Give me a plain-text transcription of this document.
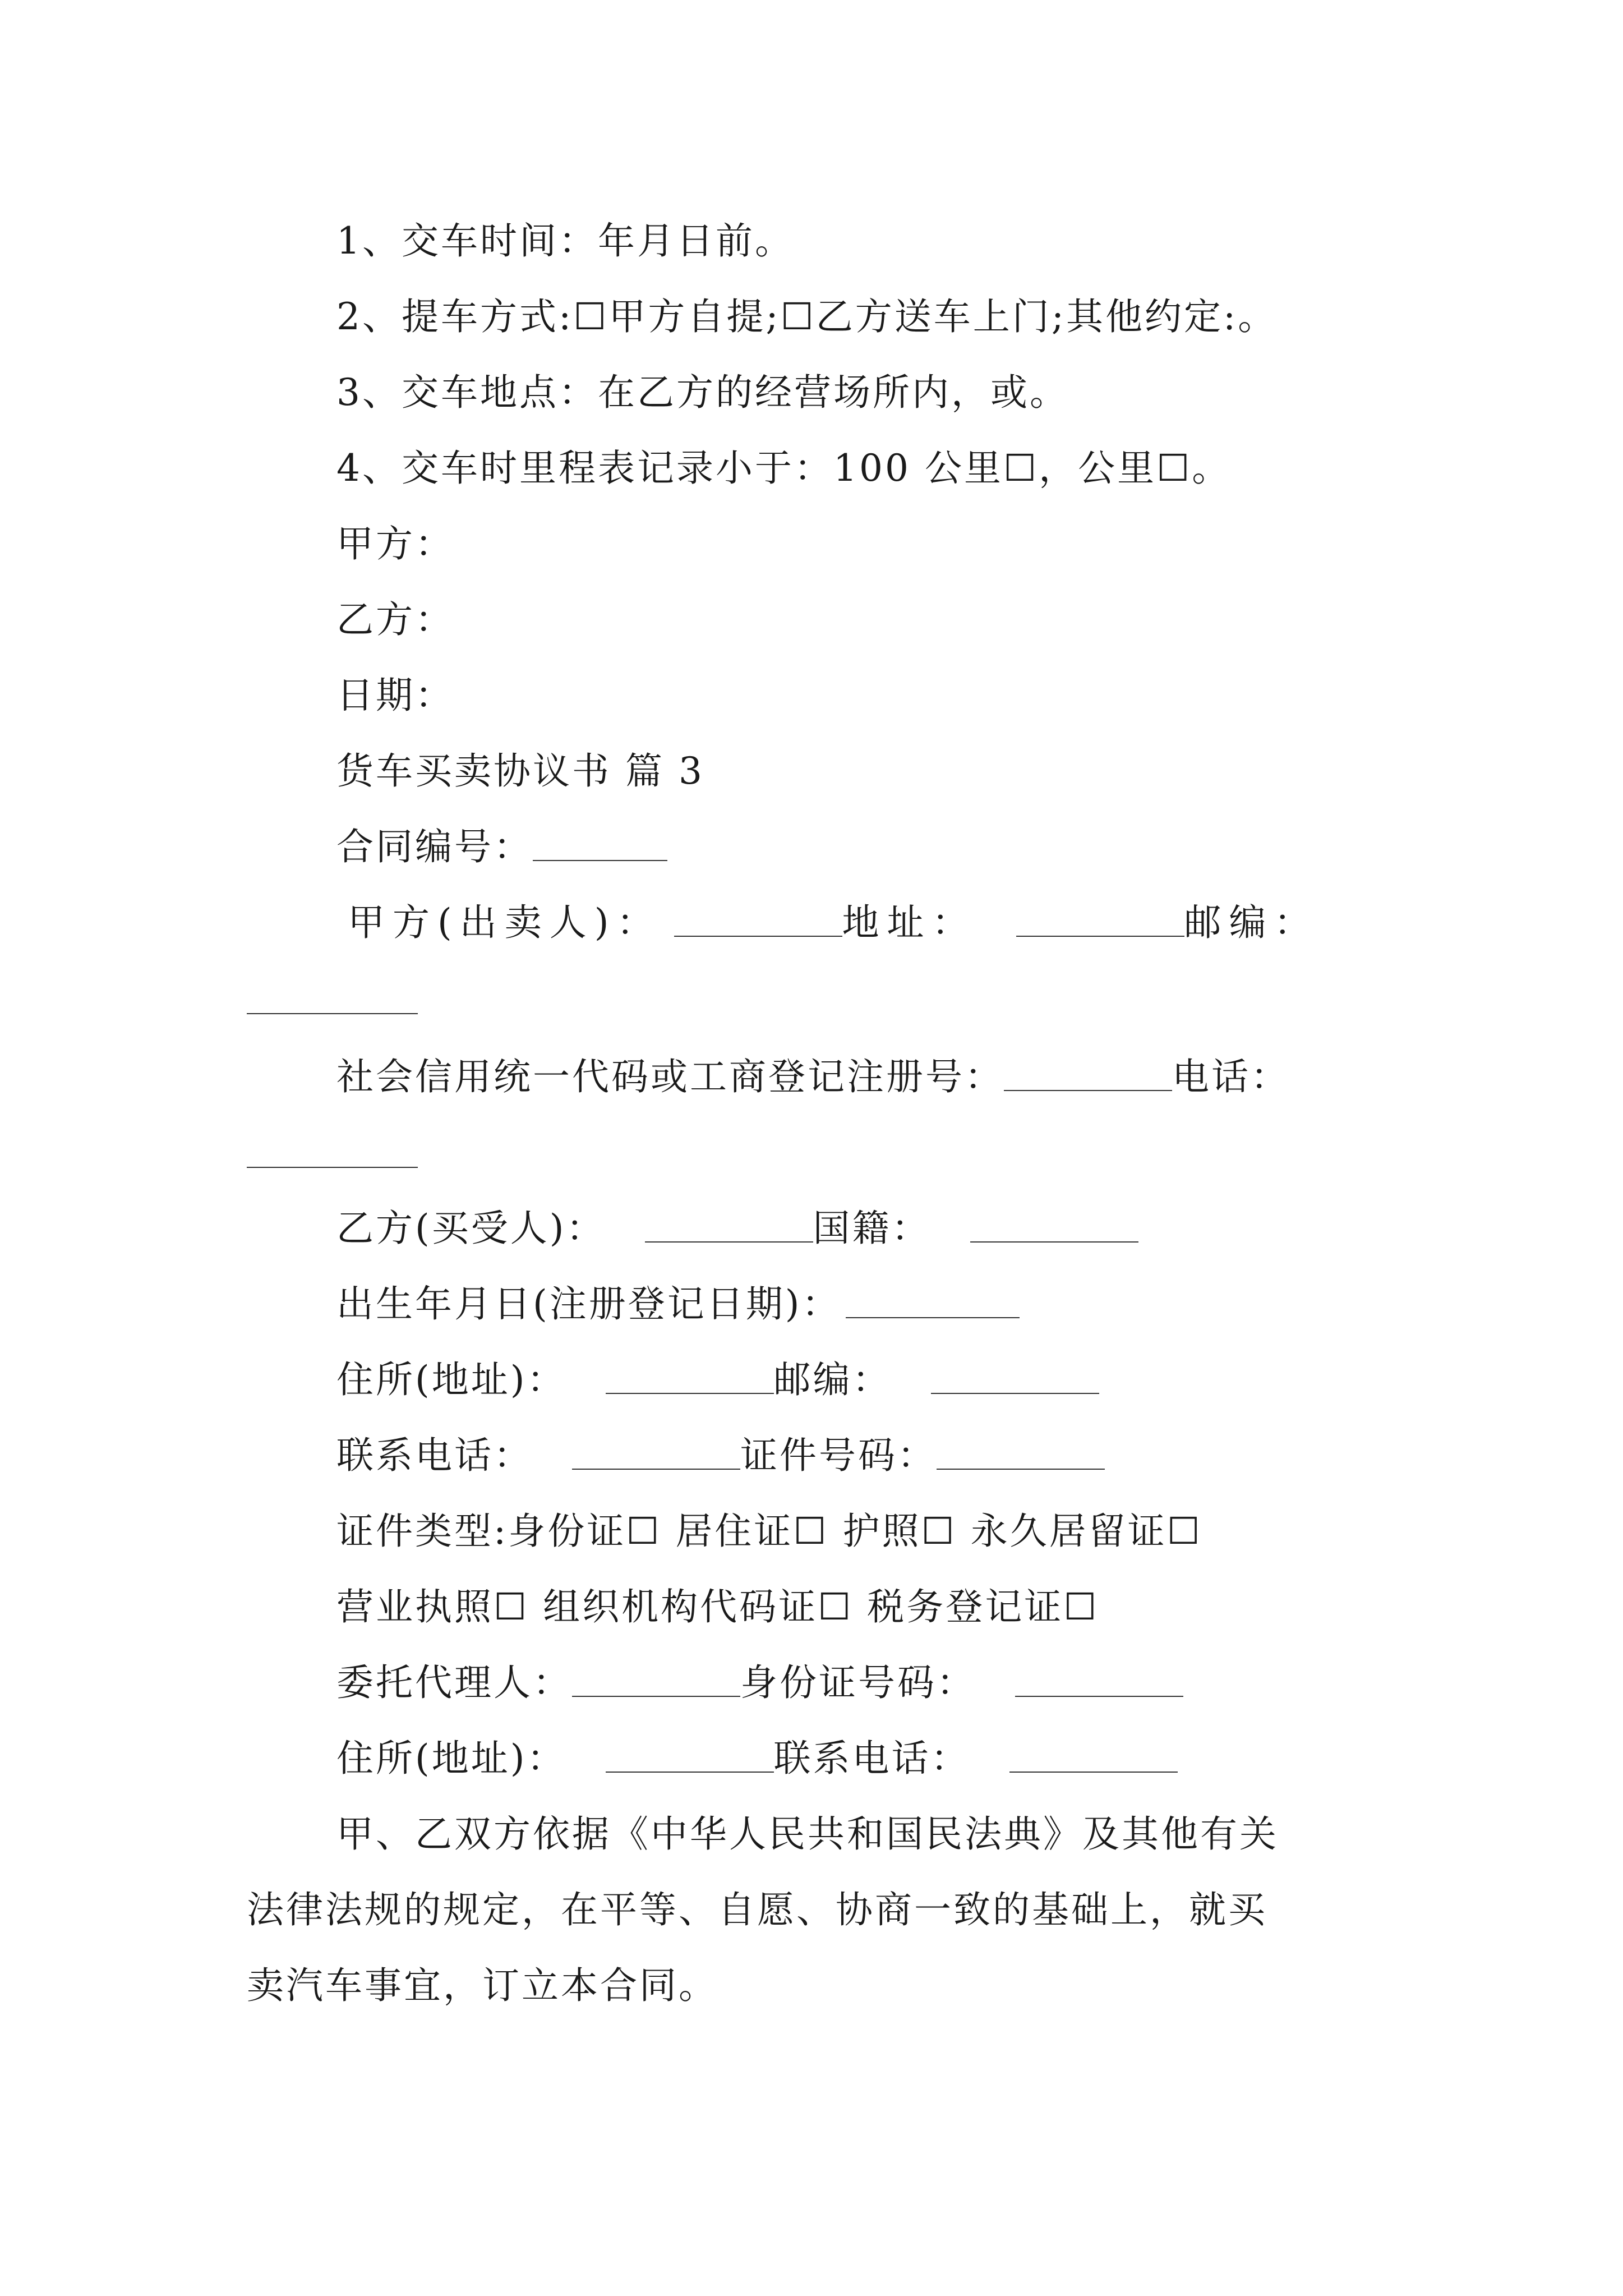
1、交车时间：年月日前。
2、提车方式:☐甲方自提;☐乙方送车上门;其他约定:。
3、交车地点：在乙方的经营场所内，或。
4、交车时里程表记录小于：100 公里☐，公里☐。
甲方：
乙方：
日期：
货车买卖协议书 篇 3
合同编号：
甲方(出卖人)：	地址：	邮编：
社会信用统一代码或工商登记注册号：	电话：
乙方(买受人)：	国籍：
出生年月日(注册登记日期)：
住所(地址)：	邮编：
联系电话：	证件号码：
证件类型:身份证☐ 居住证☐ 护照☐ 永久居留证☐
营业执照☐ 组织机构代码证☐ 税务登记证☐
委托代理人：	身份证号码：
住所(地址)：	联系电话：
甲、乙双方依据《中华人民共和国民法典》及其他有关
法律法规的规定，在平等、自愿、协商一致的基础上，就买
卖汽车事宜，订立本合同。
